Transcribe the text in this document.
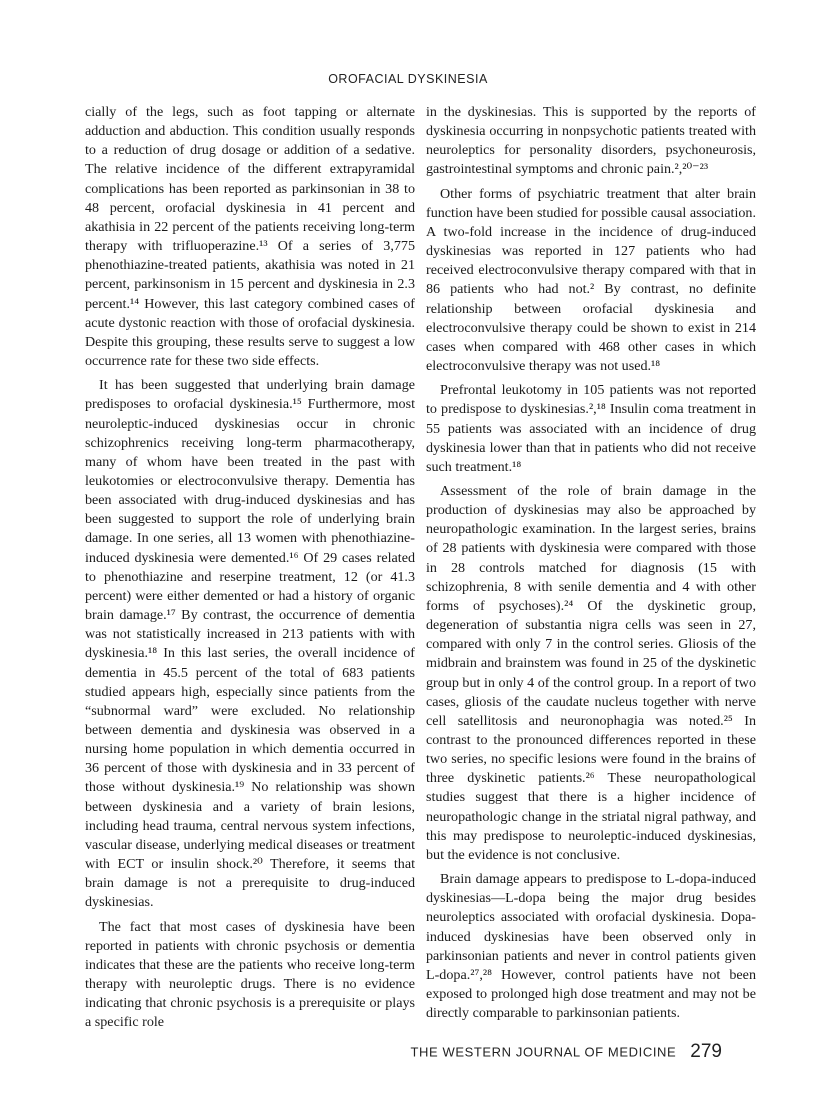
OROFACIAL DYSKINESIA

cially of the legs, such as foot tapping or alternate adduction and abduction. This condition usually responds to a reduction of drug dosage or addition of a sedative. The relative incidence of the different extrapyramidal complications has been reported as parkinsonian in 38 to 48 percent, orofacial dyskinesia in 41 percent and akathisia in 22 percent of the patients receiving long-term therapy with trifluoperazine.¹³ Of a series of 3,775 phenothiazine-treated patients, akathisia was noted in 21 percent, parkinsonism in 15 percent and dyskinesia in 2.3 percent.¹⁴ However, this last category combined cases of acute dystonic reaction with those of orofacial dyskinesia. Despite this grouping, these results serve to suggest a low occurrence rate for these two side effects.

It has been suggested that underlying brain damage predisposes to orofacial dyskinesia.¹⁵ Furthermore, most neuroleptic-induced dyskinesias occur in chronic schizophrenics receiving long-term pharmacotherapy, many of whom have been treated in the past with leukotomies or electroconvulsive therapy. Dementia has been associated with drug-induced dyskinesias and has been suggested to support the role of underlying brain damage. In one series, all 13 women with phenothiazine-induced dyskinesia were demented.¹⁶ Of 29 cases related to phenothiazine and reserpine treatment, 12 (or 41.3 percent) were either demented or had a history of organic brain damage.¹⁷ By contrast, the occurrence of dementia was not statistically increased in 213 patients with with dyskinesia.¹⁸ In this last series, the overall incidence of dementia in 45.5 percent of the total of 683 patients studied appears high, especially since patients from the “subnormal ward” were excluded. No relationship between dementia and dyskinesia was observed in a nursing home population in which dementia occurred in 36 percent of those with dyskinesia and in 33 percent of those without dyskinesia.¹⁹ No relationship was shown between dyskinesia and a variety of brain lesions, including head trauma, central nervous system infections, vascular disease, underlying medical diseases or treatment with ECT or insulin shock.²⁰ Therefore, it seems that brain damage is not a prerequisite to drug-induced dyskinesias.

The fact that most cases of dyskinesia have been reported in patients with chronic psychosis or dementia indicates that these are the patients who receive long-term therapy with neuroleptic drugs. There is no evidence indicating that chronic psychosis is a prerequisite or plays a specific role

in the dyskinesias. This is supported by the reports of dyskinesia occurring in nonpsychotic patients treated with neuroleptics for personality disorders, psychoneurosis, gastrointestinal symptoms and chronic pain.²,²⁰⁻²³

Other forms of psychiatric treatment that alter brain function have been studied for possible causal association. A two-fold increase in the incidence of drug-induced dyskinesias was reported in 127 patients who had received electroconvulsive therapy compared with that in 86 patients who had not.² By contrast, no definite relationship between orofacial dyskinesia and electroconvulsive therapy could be shown to exist in 214 cases when compared with 468 other cases in which electroconvulsive therapy was not used.¹⁸

Prefrontal leukotomy in 105 patients was not reported to predispose to dyskinesias.²,¹⁸ Insulin coma treatment in 55 patients was associated with an incidence of drug dyskinesia lower than that in patients who did not receive such treatment.¹⁸

Assessment of the role of brain damage in the production of dyskinesias may also be approached by neuropathologic examination. In the largest series, brains of 28 patients with dyskinesia were compared with those in 28 controls matched for diagnosis (15 with schizophrenia, 8 with senile dementia and 4 with other forms of psychoses).²⁴ Of the dyskinetic group, degeneration of substantia nigra cells was seen in 27, compared with only 7 in the control series. Gliosis of the midbrain and brainstem was found in 25 of the dyskinetic group but in only 4 of the control group. In a report of two cases, gliosis of the caudate nucleus together with nerve cell satellitosis and neuronophagia was noted.²⁵ In contrast to the pronounced differences reported in these two series, no specific lesions were found in the brains of three dyskinetic patients.²⁶ These neuropathological studies suggest that there is a higher incidence of neuropathologic change in the striatal nigral pathway, and this may predispose to neuroleptic-induced dyskinesias, but the evidence is not conclusive.

Brain damage appears to predispose to L-dopa-induced dyskinesias—L-dopa being the major drug besides neuroleptics associated with orofacial dyskinesia. Dopa-induced dyskinesias have been observed only in parkinsonian patients and never in control patients given L-dopa.²⁷,²⁸ However, control patients have not been exposed to prolonged high dose treatment and may not be directly comparable to parkinsonian patients.

THE WESTERN JOURNAL OF MEDICINE 279
